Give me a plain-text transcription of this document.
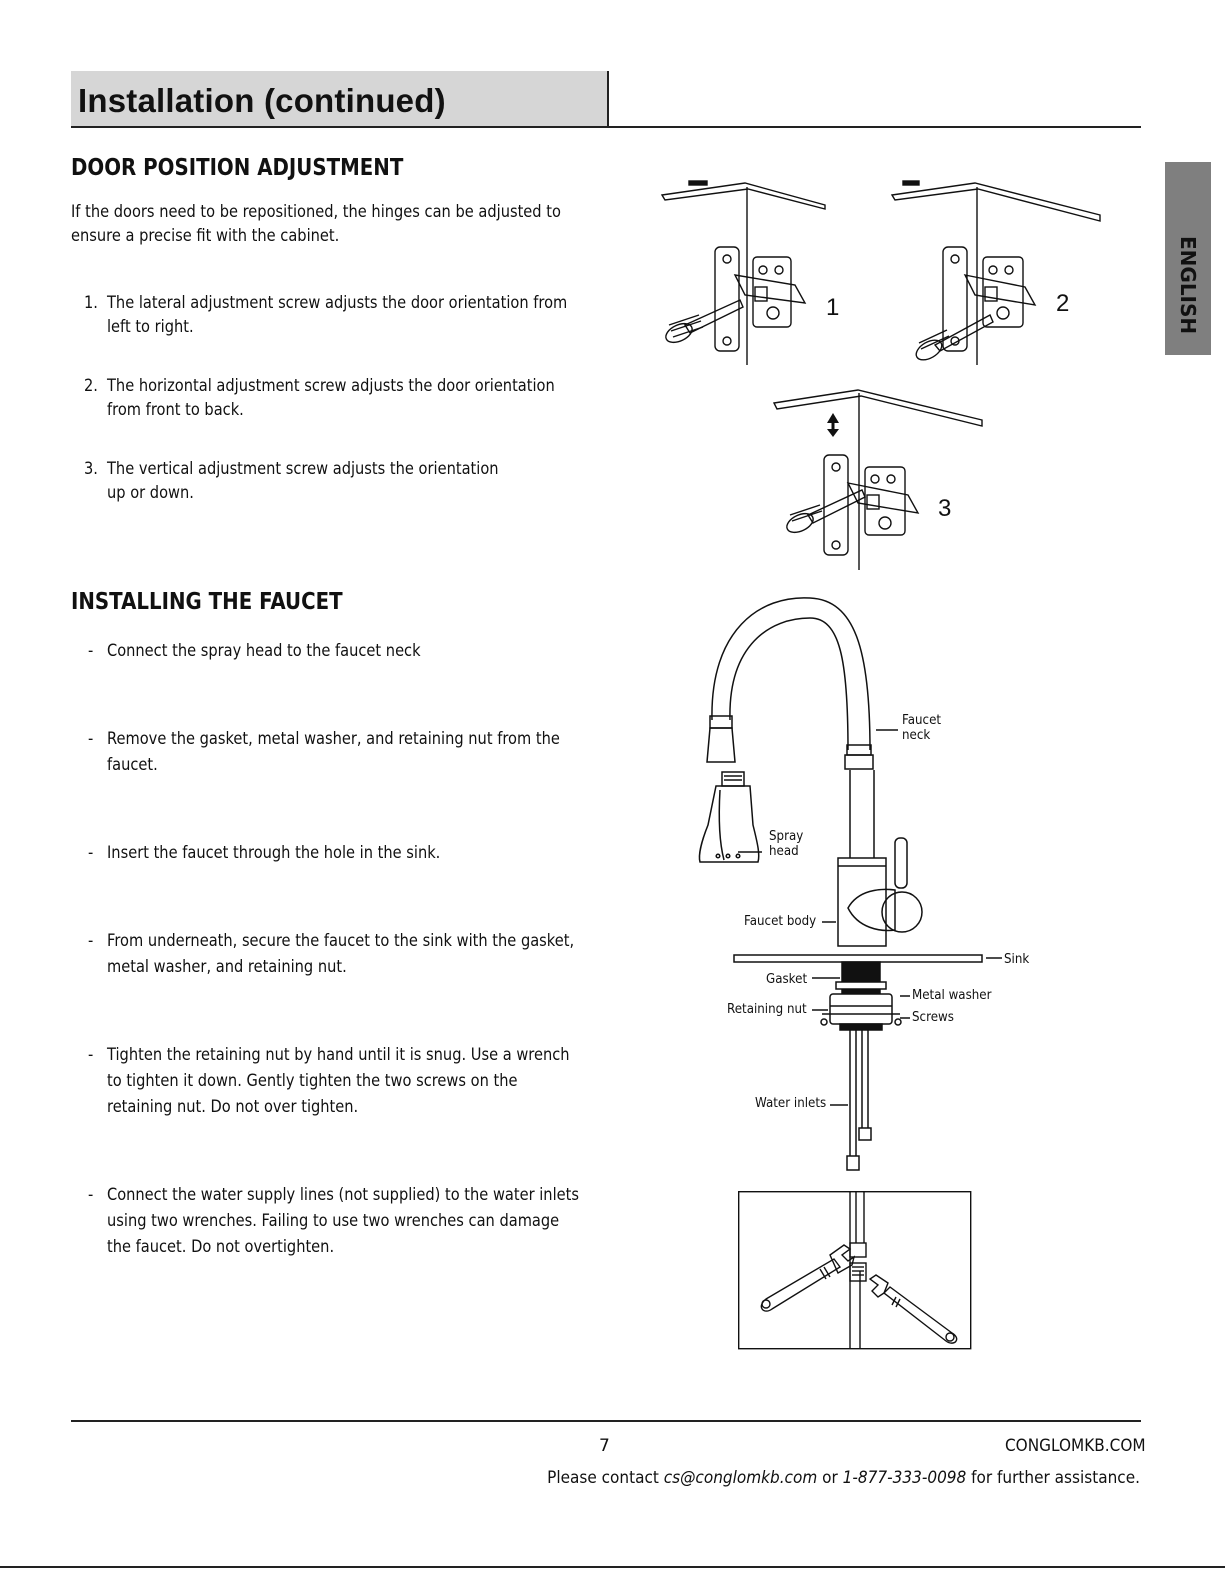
Installation (continued)
DOOR POSITION ADJUSTMENT
If the doors need to be repositioned, the hinges can be adjusted to
ensure a precise fit with the cabinet.
1. The lateral adjustment screw adjusts the door orientation from
left to right.
2. The horizontal adjustment screw adjusts the door orientation
from front to back.
3. The vertical adjustment screw adjusts the orientation
up or down.
INSTALLING THE FAUCET
- Connect the spray head to the faucet neck
- Remove the gasket, metal washer, and retaining nut from the
faucet.
- Insert the faucet through the hole in the sink.
- From underneath, secure the faucet to the sink with the gasket,
metal washer, and retaining nut.
- Tighten the retaining nut by hand until it is snug. Use a wrench
to tighten it down. Gently tighten the two screws on the
retaining nut. Do not over tighten.
- Connect the water supply lines (not supplied) to the water inlets
using two wrenches. Failing to use two wrenches can damage
the faucet. Do not overtighten.
1	2
3
Faucet
neck
Spray
head
Faucet body
Sink
Gasket
Metal washer
Retaining nut	Screws
Water inlets
7	CONGLOMKB.COM
Please contact cs@conglomkb.com or 1-877-333-0098 for further assistance.
